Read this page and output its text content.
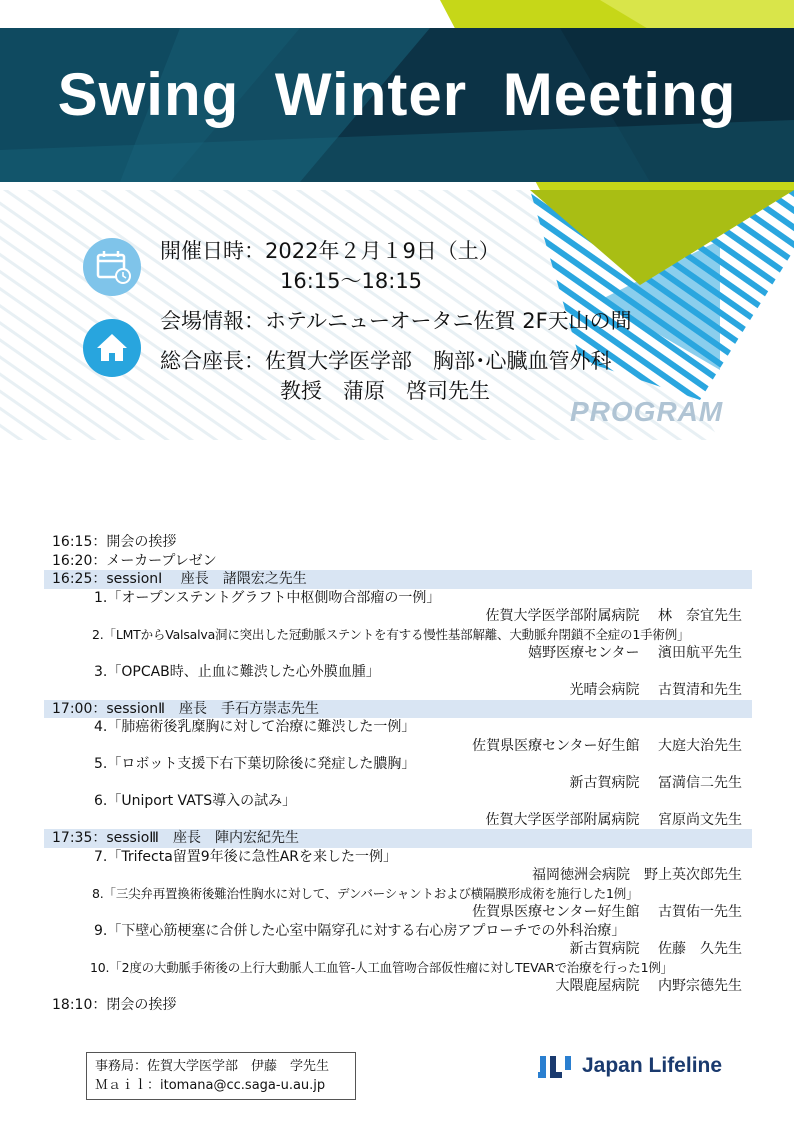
Swing Winter Meeting

開催日時：2022年２月１9日（土）

16:15～18:15

会場情報：ホテルニューオータニ佐賀 2F天山の間

総合座長：佐賀大学医学部　胸部･心臓血管外科

教授　蒲原　啓司先生

PROGRAM
16:15：開会の挨拶
16:20：メーカープレゼン
16:25：sessionⅠ　 座長　諸隈宏之先生
1.「オープンステントグラフト中枢側吻合部瘤の一例」
佐賀大学医学部附属病院　 林　奈宜先生
2.「LMTからValsalva洞に突出した冠動脈ステントを有する慢性基部解離、大動脈弁閉鎖不全症の1手術例」
嬉野医療センター　 濱田航平先生
3.「OPCAB時、止血に難渋した心外膜血腫」
光晴会病院　 古賀清和先生
17:00：sessionⅡ　座長　手石方崇志先生
4.「肺癌術後乳糜胸に対して治療に難渋した一例」
佐賀県医療センター好生館　 大庭大治先生
5.「ロボット支援下右下葉切除後に発症した膿胸」
新古賀病院　 冨満信二先生
6.「Uniport VATS導入の試み」
佐賀大学医学部附属病院　 宮原尚文先生
17:35：sessioⅢ　座長　陣内宏紀先生
7.「Trifecta留置9年後に急性ARを来した一例」
福岡徳洲会病院　野上英次郎先生
8.「三尖弁再置換術後難治性胸水に対して、デンバーシャントおよび横隔膜形成術を施行した1例」
佐賀県医療センター好生館　 古賀佑一先生
9.「下壁心筋梗塞に合併した心室中隔穿孔に対する右心房アプローチでの外科治療」
新古賀病院　 佐藤　久先生
10.「2度の大動脈手術後の上行大動脈人工血管-人工血管吻合部仮性瘤に対しTEVARで治療を行った1例」
大隈鹿屋病院　 内野宗德先生
18:10：閉会の挨拶
事務局：佐賀大学医学部　伊藤　学先生
Ｍａｉｌ：itomana@cc.saga-u.au.jp
Japan Lifeline
